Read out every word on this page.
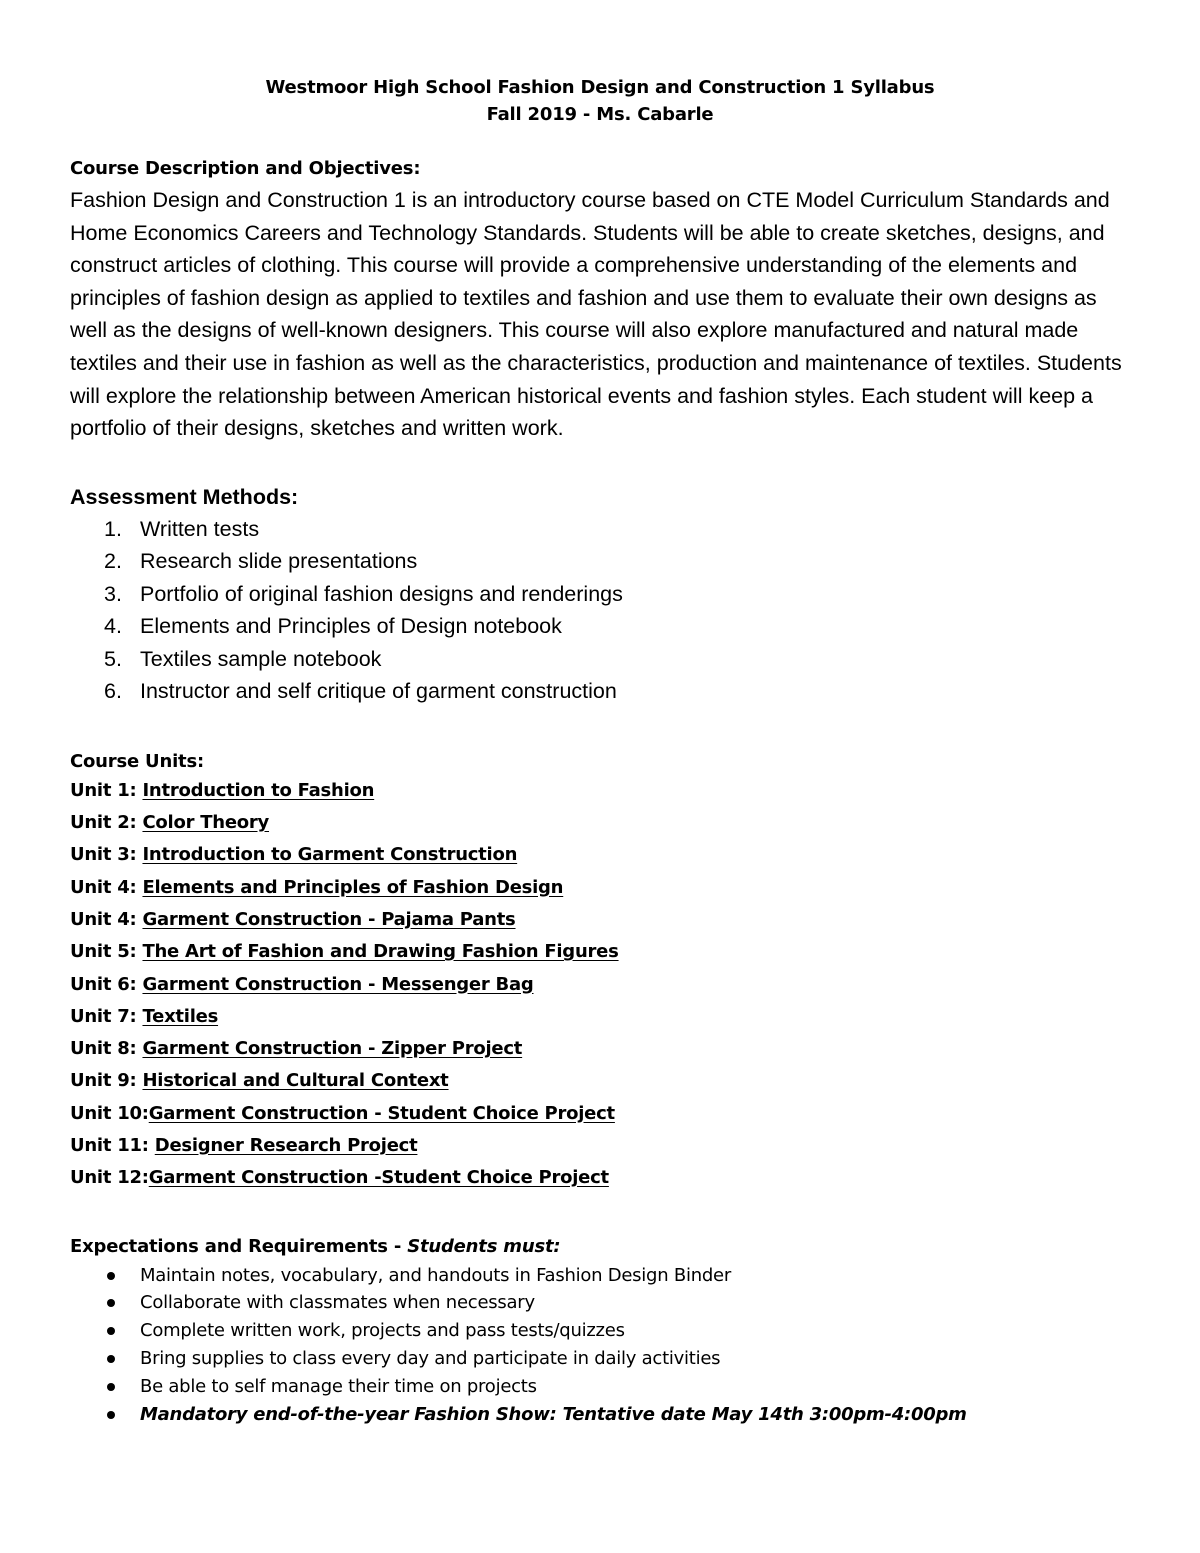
Westmoor High School Fashion Design and Construction 1 Syllabus
Fall 2019 - Ms. Cabarle
Course Description and Objectives:

Fashion Design and Construction 1 is an introductory course based on CTE Model Curriculum Standards and Home Economics Careers and Technology Standards. Students will be able to create sketches, designs, and construct articles of clothing. This course will provide a comprehensive understanding of the elements and principles of fashion design as applied to textiles and fashion and use them to evaluate their own designs as well as the designs of well-known designers. This course will also explore manufactured and natural made textiles and their use in fashion as well as the characteristics, production and maintenance of textiles. Students will explore the relationship between American historical events and fashion styles. Each student will keep a portfolio of their designs, sketches and written work.

Assessment Methods:
1. Written tests
2. Research slide presentations
3. Portfolio of original fashion designs and renderings
4. Elements and Principles of Design notebook
5. Textiles sample notebook
6. Instructor and self critique of garment construction
Course Units:
Unit 1: Introduction to Fashion
Unit 2: Color Theory
Unit 3: Introduction to Garment Construction
Unit 4: Elements and Principles of Fashion Design
Unit 4: Garment Construction - Pajama Pants
Unit 5: The Art of Fashion and Drawing Fashion Figures
Unit 6: Garment Construction - Messenger Bag
Unit 7: Textiles
Unit 8: Garment Construction - Zipper Project
Unit 9: Historical and Cultural Context
Unit 10:Garment Construction - Student Choice Project
Unit 11: Designer Research Project
Unit 12:Garment Construction -Student Choice Project
Expectations and Requirements - Students must:
Maintain notes, vocabulary, and handouts in Fashion Design Binder
Collaborate with classmates when necessary
Complete written work, projects and pass tests/quizzes
Bring supplies to class every day and participate in daily activities
Be able to self manage their time on projects
Mandatory end-of-the-year Fashion Show: Tentative date May 14th 3:00pm-4:00pm
